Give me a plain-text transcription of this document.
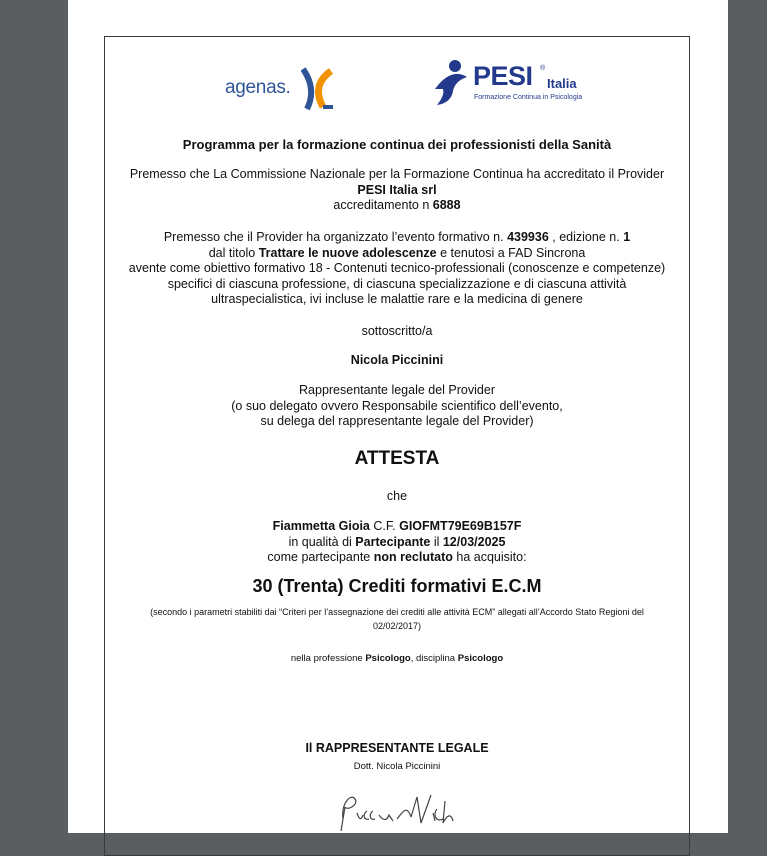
agenas.	PESI ®
Italia
Formazione Continua in Psicologia
Programma per la formazione continua dei professionisti della Sanità
Premesso che La Commissione Nazionale per la Formazione Continua ha accreditato il Provider
PESI Italia srl
accreditamento n 6888
Premesso che il Provider ha organizzato l’evento formativo n. 439936 , edizione n. 1
dal titolo Trattare le nuove adolescenze e tenutosi a FAD Sincrona
avente come obiettivo formativo 18 - Contenuti tecnico-professionali (conoscenze e competenze)
specifici di ciascuna professione, di ciascuna specializzazione e di ciascuna attività
ultraspecialistica, ivi incluse le malattie rare e la medicina di genere
sottoscritto/a
Nicola Piccinini
Rappresentante legale del Provider
(o suo delegato ovvero Responsabile scientifico dell’evento,
su delega del rappresentante legale del Provider)
ATTESTA
che
Fiammetta Gioia C.F. GIOFMT79E69B157F
in qualità di Partecipante il 12/03/2025
come partecipante non reclutato ha acquisito:
30 (Trenta) Crediti formativi E.C.M
(secondo i parametri stabiliti dai “Criteri per l’assegnazione dei crediti alle attività ECM” allegati all’Accordo Stato Regioni del
02/02/2017)
nella professione Psicologo, disciplina Psicologo
Il RAPPRESENTANTE LEGALE
Dott. Nicola Piccinini
